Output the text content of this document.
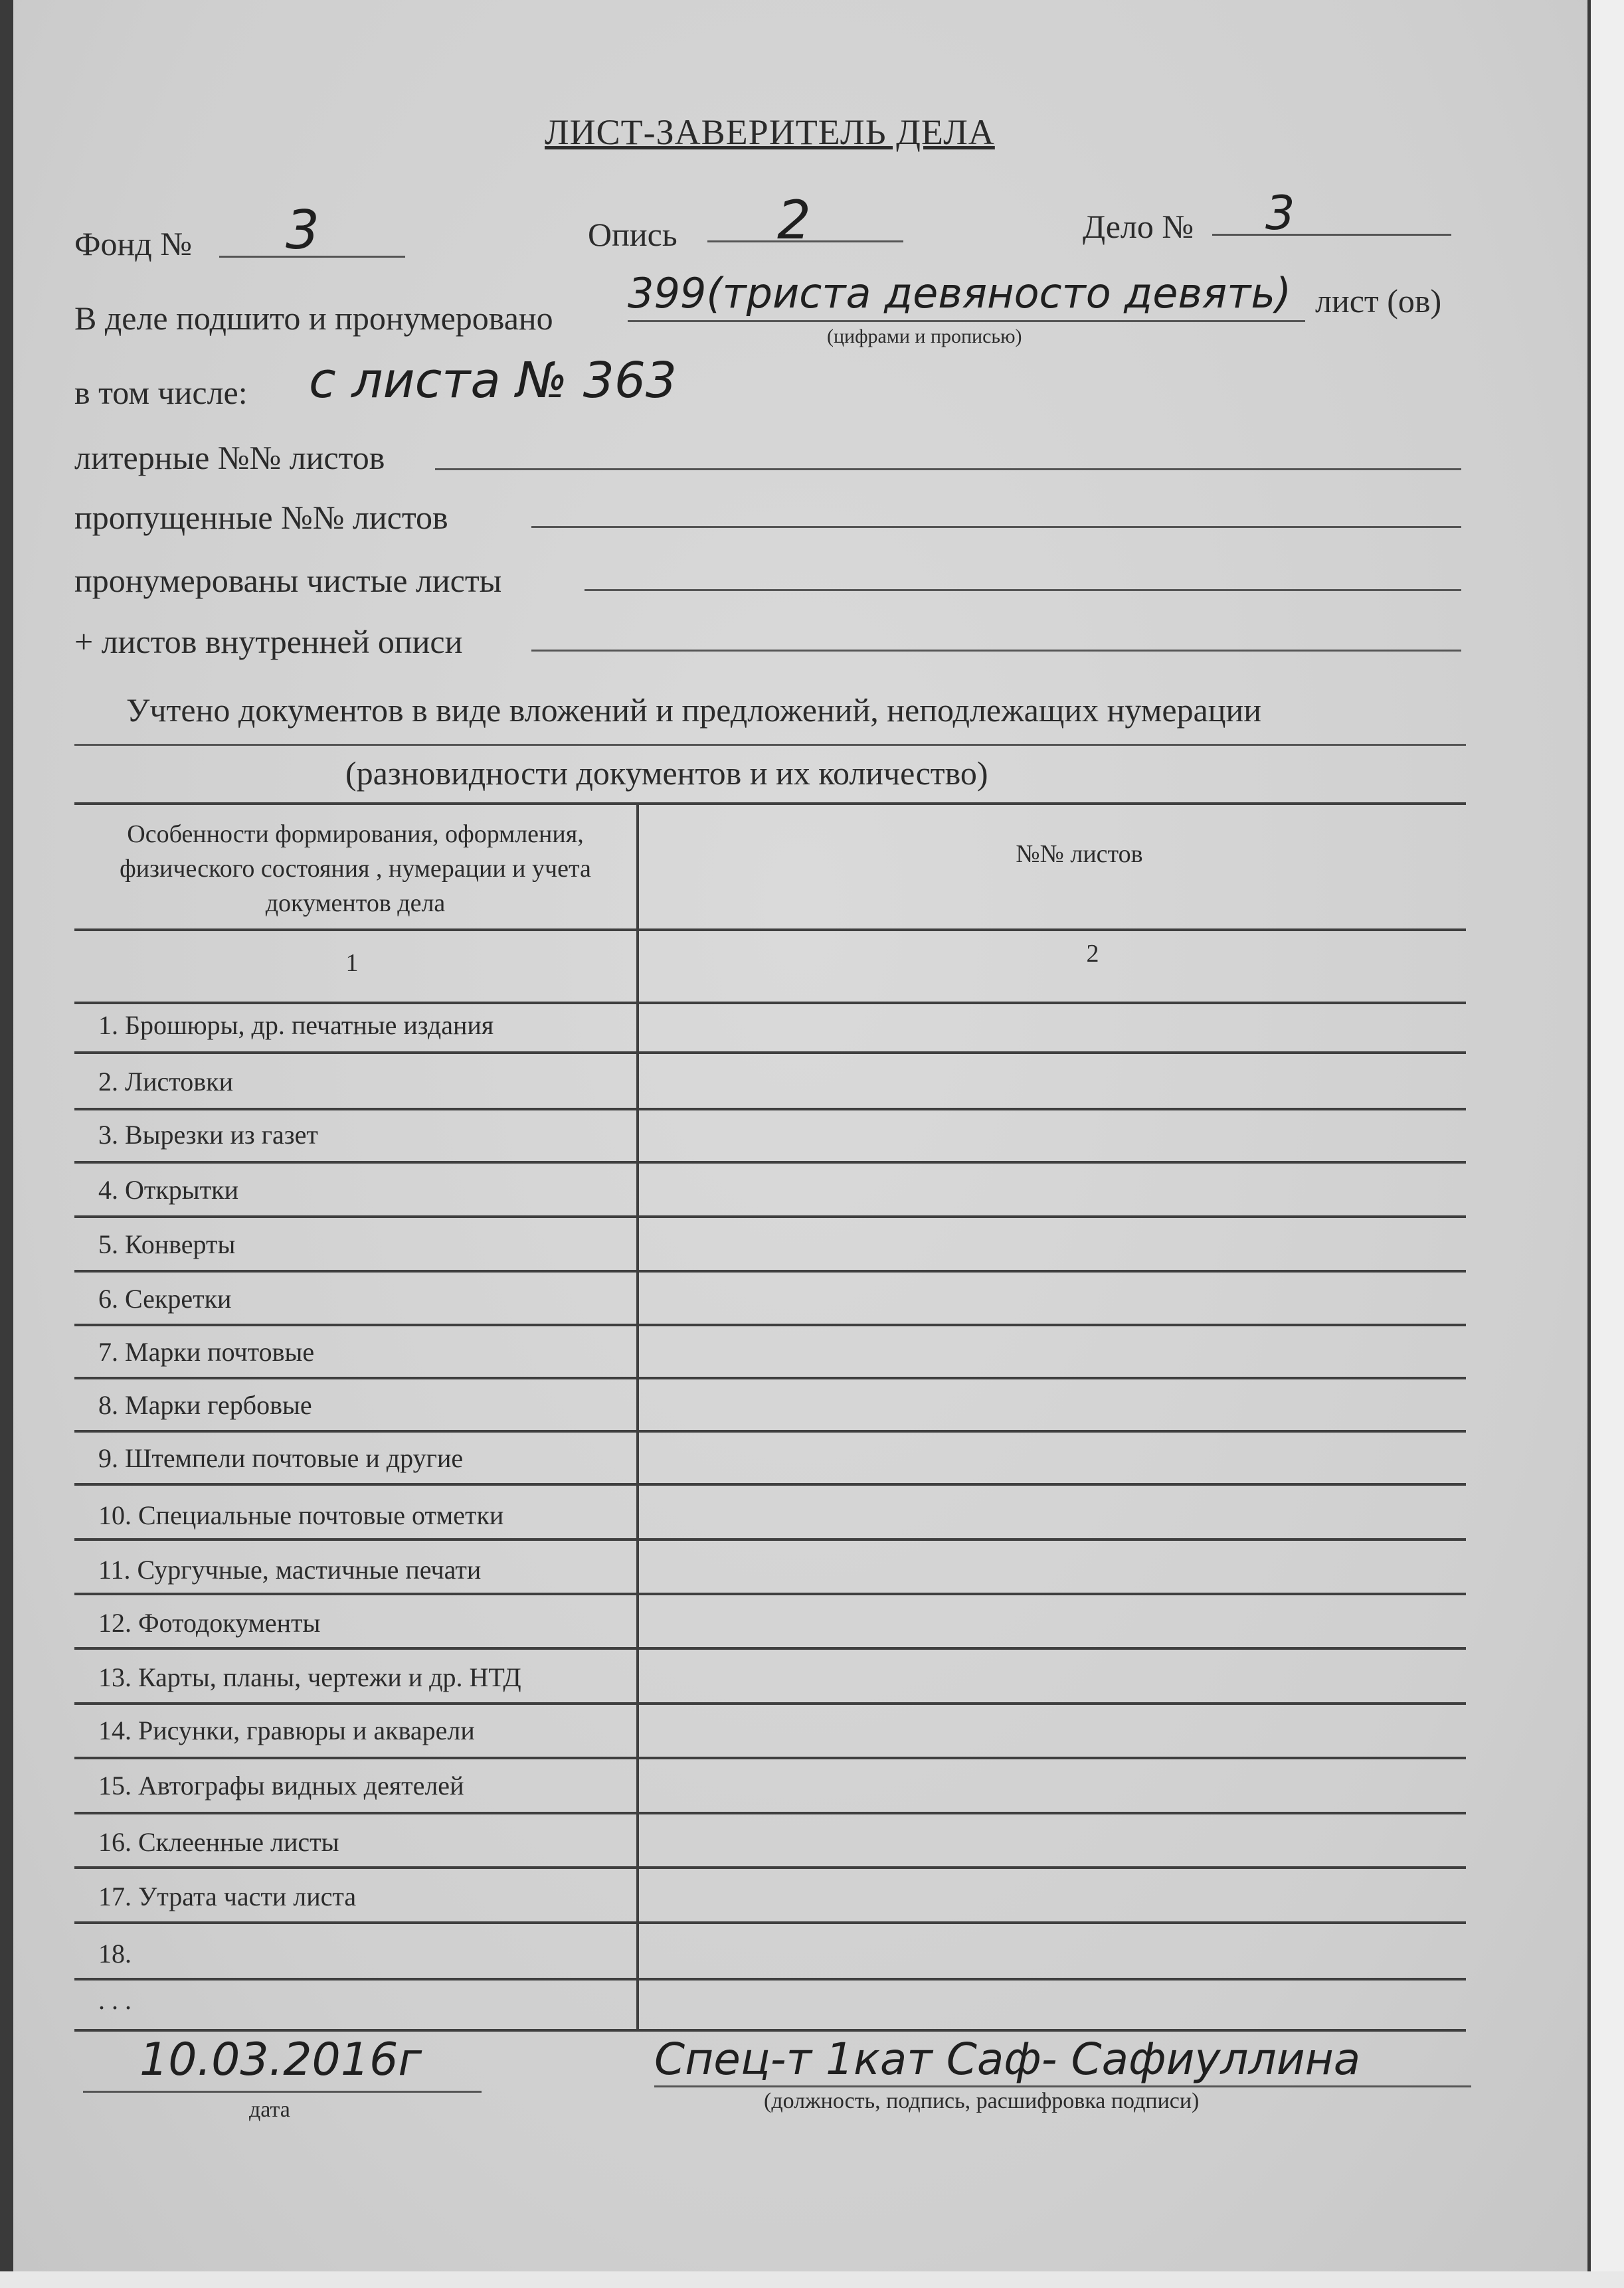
ЛИСТ-ЗАВЕРИТЕЛЬ ДЕЛА
Фонд № 3	Опись 2	Дело № 3
В деле подшито и пронумеровано
399(триста девяносто девять) лист (ов)
(цифрами и прописью)
в том числе: с листа № 363
литерные №№ листов
пропущенные №№ листов
пронумерованы чистые листы
+ листов внутренней описи
Учтено документов в виде вложений и предложений, неподлежащих нумерации
(разновидности документов и их количество)
Особенности формирования, оформления, физического состояния , нумерации и учета документов дела
№№ листов
1	2
1. Брошюры, др. печатные издания
2. Листовки
3. Вырезки из газет
4. Открытки
5. Конверты
6. Секретки
7. Марки почтовые
8. Марки гербовые
9. Штемпели почтовые и другие
10. Специальные почтовые отметки
11. Сургучные, мастичные печати
12. Фотодокументы
13. Карты, планы, чертежи и др. НТД
14. Рисунки, гравюры и акварели
15. Автографы видных деятелей
16. Склеенные листы
17. Утрата части листа
18.
. . .
10.03.2016г
дата
Спец-т 1кат Саф- Сафиуллина
(должность, подпись, расшифровка подписи)
